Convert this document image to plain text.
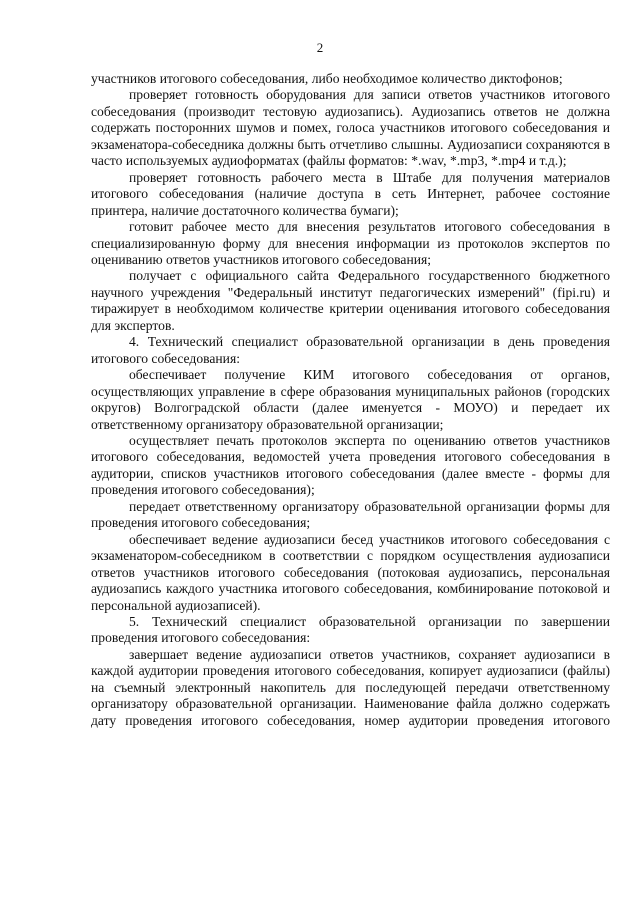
2

участников итогового собеседования, либо необходимое количество диктофонов;

проверяет готовность оборудования для записи ответов участников итогового собеседования (производит тестовую аудиозапись). Аудиозапись ответов не должна содержать посторонних шумов и помех, голоса участников итогового собеседования и экзаменатора-собеседника должны быть отчетливо слышны. Аудиозаписи сохраняются в часто используемых аудиоформатах (файлы форматов: *.wav, *.mp3, *.mp4 и т.д.);

проверяет готовность рабочего места в Штабе для получения материалов итогового собеседования (наличие доступа в сеть Интернет, рабочее состояние принтера, наличие достаточного количества бумаги);

готовит рабочее место для внесения результатов итогового собеседования в специализированную форму для внесения информации из протоколов экспертов по оцениванию ответов участников итогового собеседования;

получает с официального сайта Федерального государственного бюджетного научного учреждения "Федеральный институт педагогических измерений" (fipi.ru) и тиражирует в необходимом количестве критерии оценивания итогового собеседования для экспертов.

4. Технический специалист образовательной организации в день проведения итогового собеседования:

обеспечивает получение КИМ итогового собеседования от органов, осуществляющих управление в сфере образования муниципальных районов (городских округов) Волгоградской области (далее именуется - МОУО) и передает их ответственному организатору образовательной организации;

осуществляет печать протоколов эксперта по оцениванию ответов участников итогового собеседования, ведомостей учета проведения итогового собеседования в аудитории, списков участников итогового собеседования (далее вместе - формы для проведения итогового собеседования);

передает ответственному организатору образовательной организации формы для проведения итогового собеседования;

обеспечивает ведение аудиозаписи бесед участников итогового собеседования с экзаменатором-собеседником в соответствии с порядком осуществления аудиозаписи ответов участников итогового собеседования (потоковая аудиозапись, персональная аудиозапись каждого участника итогового собеседования, комбинирование потоковой и персональной аудиозаписей).

5. Технический специалист образовательной организации по завершении проведения итогового собеседования:

завершает ведение аудиозаписи ответов участников, сохраняет аудиозаписи в каждой аудитории проведения итогового собеседования, копирует аудиозаписи (файлы) на съемный электронный накопитель для последующей передачи ответственному организатору образовательной организации. Наименование файла должно содержать дату проведения итогового собеседования, номер аудитории проведения итогового
